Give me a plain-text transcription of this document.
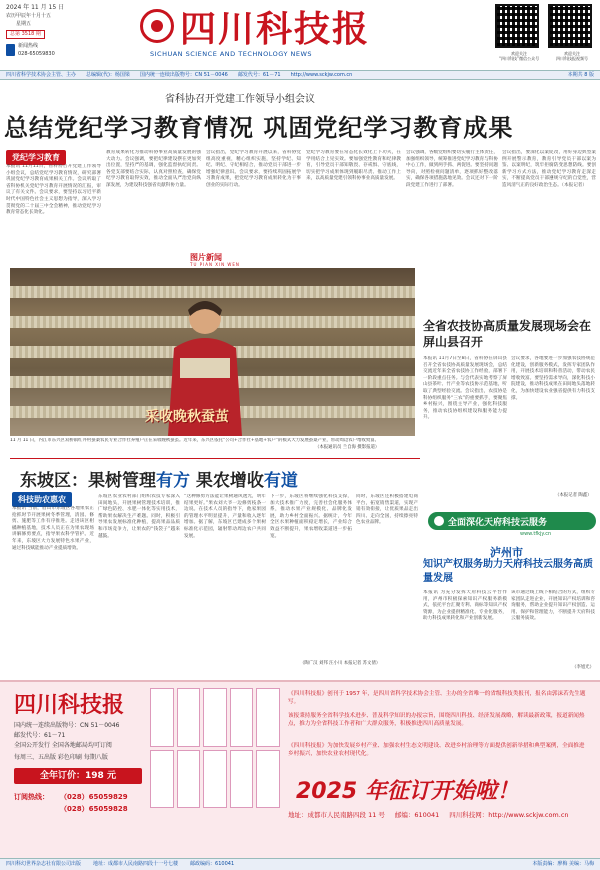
2024 年 11 月 15 日
农历甲辰年十月十五
星期五
总第 3518 期
新闻热线
028-65059830
四川科技报
SICHUAN SCIENCE AND TECHNOLOGY NEWS	欢迎关注
“四川科技”微信公众号
欢迎关注
四川科技报视频号
四川省科学技术协会主管、主办 总编辑(代)：杨国梁 国内统一连续出版物号：CN 51－0046 邮发代号：61－71 http://www.sckjw.com.cn	本期共 8 版
省科协召开党建工作领导小组会议
总结党纪学习教育情况 巩固党纪学习教育成果
党纪学习教育
本报讯 11月11日，省科协召开党建工作领导小组会议，总结党纪学习教育情况，研究部署巩固党纪学习教育成果相关工作。会议听取了省科协机关党纪学习教育开展情况的汇报，审议了有关文件。会议要求，要坚持以习近平新时代中国特色社会主义思想为指导，深入学习贯彻党的二十届三中全会精神，推动党纪学习教育常态化长效化。
教育成果转化为推动科协事业高质量发展的强大动力。会议强调，要把纪律建设摆在更加突出位置，坚持严的基调，强化监督执纪问责。各党支部要结合实际，认真对照检查，确保党纪学习教育取得实效，推动全面从严治党向纵深发展，为建设科技强省贡献科协力量。
会议指出，党纪学习教育开展以来，省科协党组高度重视，精心组织实施，坚持学纪、知纪、明纪、守纪相结合，推动党员干部进一步增强纪律意识。会议要求，要持续巩固拓展学习教育成果，把党纪学习教育成果转化为干事创业的实际行动。
党纪学习教育要在常态化长效化上下功夫，在学用结合上见实效。要加强党性教育和纪律教育，引导党员干部知敬畏、存戒惧、守底线，切实把学习成果体现到履职尽责、推动工作上来，以高质量党建引领科协事业高质量发展。
会议强调，各级党组织要切实履行主体责任，加强组织领导，统筹推进党纪学习教育与科协中心工作，做到两手抓、两促进。要坚持问题导向，对照检视问题清单，逐项抓好整改落实，确保各项措施落地见效。会议还对下一阶段党建工作进行了部署。
会议指出，要深化以案促改，用好身边典型案例开展警示教育，教育引导党员干部以案为鉴、以案明纪，筑牢拒腐防变思想防线。要创新学习方式方法，推动党纪学习教育走深走实，不断提高党员干部遵规守纪的自觉性，营造风清气正的良好政治生态。（本报记者）
图片新闻
TU PIAN XIN WEN
采收晚秋蚕茧
11 月 11 日，内江市东兴区双桥镇红井村蚕桑农民专业合作社养殖户正在采收晚秋蚕茧。近年来，东兴区依托“公司+合作社+基地+农户”的模式大力发展蚕桑产业，带动周边农户增收致富。
（本报通讯员 兰自海 摄影报道）
全省农技协高质量发展现场会在屏山县召开
本报讯 11月7日至8日，省科协在屏山县召开全省农技协高质量发展现场会，总结交流近年来全省农技协工作经验，部署下一阶段重点任务。与会代表实地考察了屏山县茶叶、竹产业等农技协示范基地，听取了典型经验交流。会议指出，农技协是科协组织服务“三农”的重要抓手，要聚焦乡村振兴，围绕主导产业，强化科技服务，推动农技协组织建设和服务能力提升。
会议要求，各地要进一步加强农技协规范化建设，创新服务模式，发挥专家团队作用，开展技术培训和科普活动，带动农民增收致富。要坚持需求导向，深化科技小院建设，推动科技成果在田间地头落地转化，为加快建设农业强省提供有力科技支撑。
（本报记者 陶鑫）
东坡区：果树管理有方 果农增收有道
科技助农惠农
本报讯 当前，眉山市东坡区各地果农正抢抓时节开展果树冬季管理，清园、修剪、施肥等工作有序推进。走进该区柑橘种植基地，技术人员正在为果农现场讲解修剪要点，指导果农科学管护。近年来，东坡区大力发展特色水果产业，通过科技赋能推动产业提质增效。
东坡区农业农村部门组织农技专家深入田间地头，开展果树管理技术培训，推广绿色防控、水肥一体化等实用技术，帮助果农解决生产难题。同时，积极引导果农发展标准化种植，提高果品品质和市场竞争力，让果农的“钱袋子”越来越鼓。
“这种修剪方法能让果树通风透光，明年结果更好。”果农刘大爷一边修剪枝条一边说。在技术人员的指导下，他家果园的管理水平明显提升，产量和收入逐年增加。据了解，东坡区已建成多个果树标准化示范园，辐射带动周边农户共同发展。
下一步，东坡区将继续强化科技支撑，加大技术推广力度，完善社会化服务体系，推动水果产业规模化、品牌化发展，助力乡村全面振兴。据统计，今年全区水果种植面积稳定增长，产业综合效益不断提升，果农增收渠道进一步拓宽。
同时，东坡区还积极搭建电商平台，拓宽销售渠道，实现产销有效衔接，让优质果品走出四川、走向全国，持续擦亮特色农业品牌。
（陶广汉 刘邦 汪小川 本报记者 苏文倩）
全面深化天府科技云服务
www.tfkjy.cn
泸州市
知识产权服务助力天府科技云服务高质量发展
本报讯 为充分发挥天府科技云平台作用，泸州市积极探索知识产权服务新模式，依托平台汇聚专利、商标等知识产权资源，为企业提供精准化、专业化服务，助力科技成果转化和产业创新发展。
该市通过线上线下相结合的方式，组织专家团队走进企业，开展知识产权培训和咨询服务，帮助企业提升知识产权创造、运用、保护和管理能力，不断提升天府科技云服务质效。
（李旭光）
四川科技报
国内统一连续出版物号：CN 51－0046
邮发代号：61－71
全国公开发行 全国各地邮局均可订阅
每周三、五出版 彩色印刷 每期八版
全年订价：198 元
订阅热线： （028）65059829
（028）65059828
《四川科技报》创刊于 1957 年，是四川省科学技术协会主管、主办的全省唯一的省级科技类报刊，报名由郭沫若先生题写。
该报秉持服务全省科学技术进步、普及科学知识的办报宗旨，围绕四川科技、经济发展战略，解读最新政策，报道新闻热点，推力为全省科技工作者和广大群众服务，积极推进四川高质量发展。
《四川科技报》为加快发展乡村产业、加强农村生态文明建设、改进乡村治理等方面提供创新举措和典型案例，全面推进乡村振兴，加快农业农村现代化。
2025 年征订开始啦！
地址：成都市人民南路四段 11 号 邮编：610041 四川科技网：http://www.sckjw.com.cn
四川科幻世界杂志社有限公司出版 地址：成都市人民南路四段十一号七楼 邮政编码：610041	本版责编：廖梅 美编：马梅
